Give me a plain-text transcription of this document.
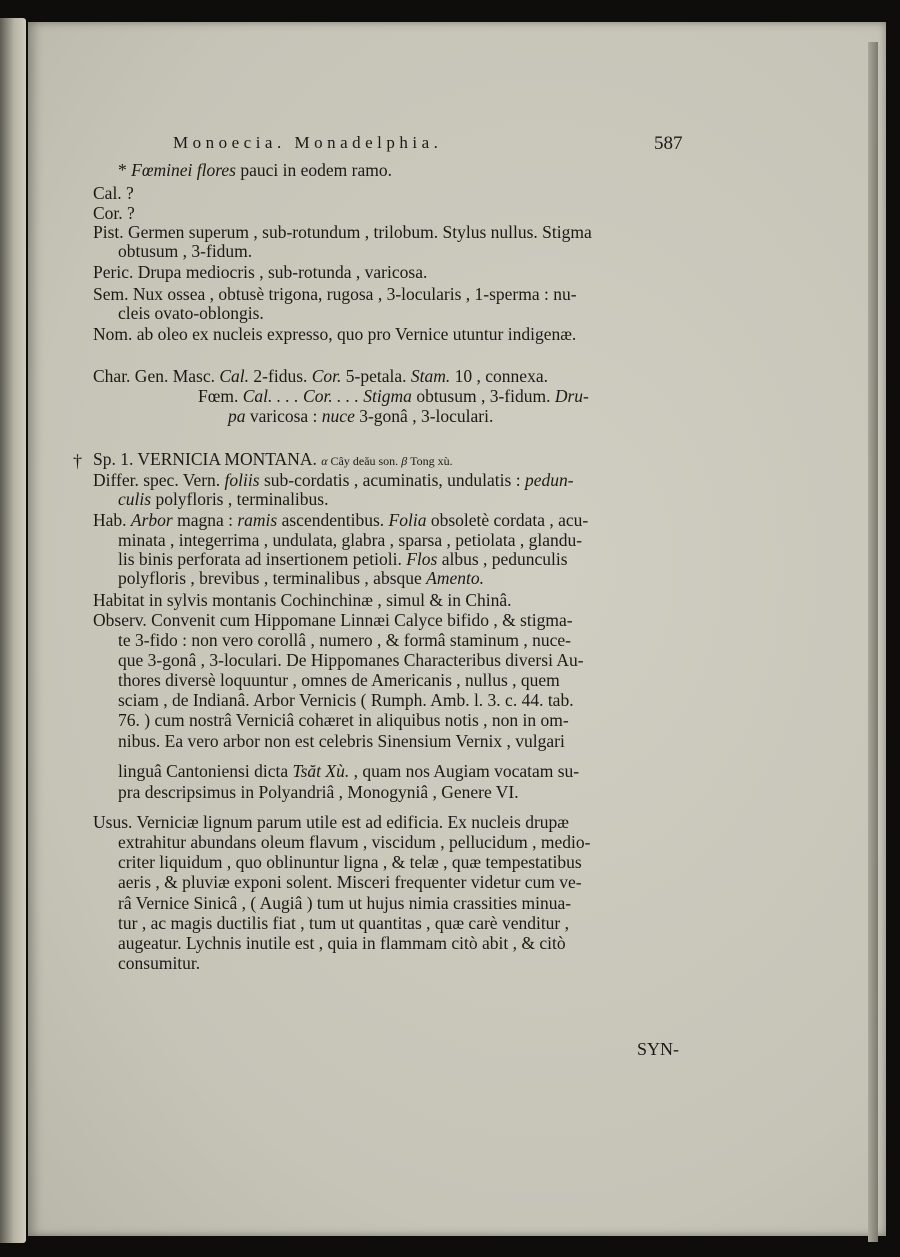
Monoecia. Monadelphia.	587
†
* Fœminei flores pauci in eodem ramo.
Cal. ?
Cor. ?
Pist. Germen superum , sub-rotundum , trilobum. Stylus nullus. Stigma
obtusum , 3-fidum.
Peric. Drupa mediocris , sub-rotunda , varicosa.
Sem. Nux ossea , obtusè trigona, rugosa , 3-locularis , 1-sperma : nu-
cleis ovato-oblongis.
Nom. ab oleo ex nucleis expresso, quo pro Vernice utuntur indigenæ.
Char. Gen. Masc. Cal. 2-fidus. Cor. 5-petala. Stam. 10 , connexa.
Fœm. Cal. . . . Cor. . . . Stigma obtusum , 3-fidum. Dru-
pa varicosa : nuce 3-gonâ , 3-loculari.
Sp. 1. VERNICIA MONTANA. α Cây deău son. β Tong xù.
Differ. spec. Vern. foliis sub-cordatis , acuminatis, undulatis : pedun-
culis polyfloris , terminalibus.
Hab. Arbor magna : ramis ascendentibus. Folia obsoletè cordata , acu-
minata , integerrima , undulata, glabra , sparsa , petiolata , glandu-
lis binis perforata ad insertionem petioli. Flos albus , pedunculis
polyfloris , brevibus , terminalibus , absque Amento.
Habitat in sylvis montanis Cochinchinæ , simul & in Chinâ.
Observ. Convenit cum Hippomane Linnæi Calyce bifido , & stigma-
te 3-fido : non vero corollâ , numero , & formâ staminum , nuce-
que 3-gonâ , 3-loculari. De Hippomanes Characteribus diversi Au-
thores diversè loquuntur , omnes de Americanis , nullus , quem
sciam , de Indianâ. Arbor Vernicis ( Rumph. Amb. l. 3. c. 44. tab.
76. ) cum nostrâ Verniciâ cohæret in aliquibus notis , non in om-
nibus. Ea vero arbor non est celebris Sinensium Vernix , vulgari
linguâ Cantoniensi dicta Tsăt Xù. , quam nos Augiam vocatam su-
pra descripsimus in Polyandriâ , Monogyniâ , Genere VI.
Usus. Verniciæ lignum parum utile est ad edificia. Ex nucleis drupæ
extrahitur abundans oleum flavum , viscidum , pellucidum , medio-
criter liquidum , quo oblinuntur ligna , & telæ , quæ tempestatibus
aeris , & pluviæ exponi solent. Misceri frequenter videtur cum ve-
râ Vernice Sinicâ , ( Augiâ ) tum ut hujus nimia crassities minua-
tur , ac magis ductilis fiat , tum ut quantitas , quæ carè venditur ,
augeatur. Lychnis inutile est , quia in flammam citò abit , & citò
consumitur.
SYN-
